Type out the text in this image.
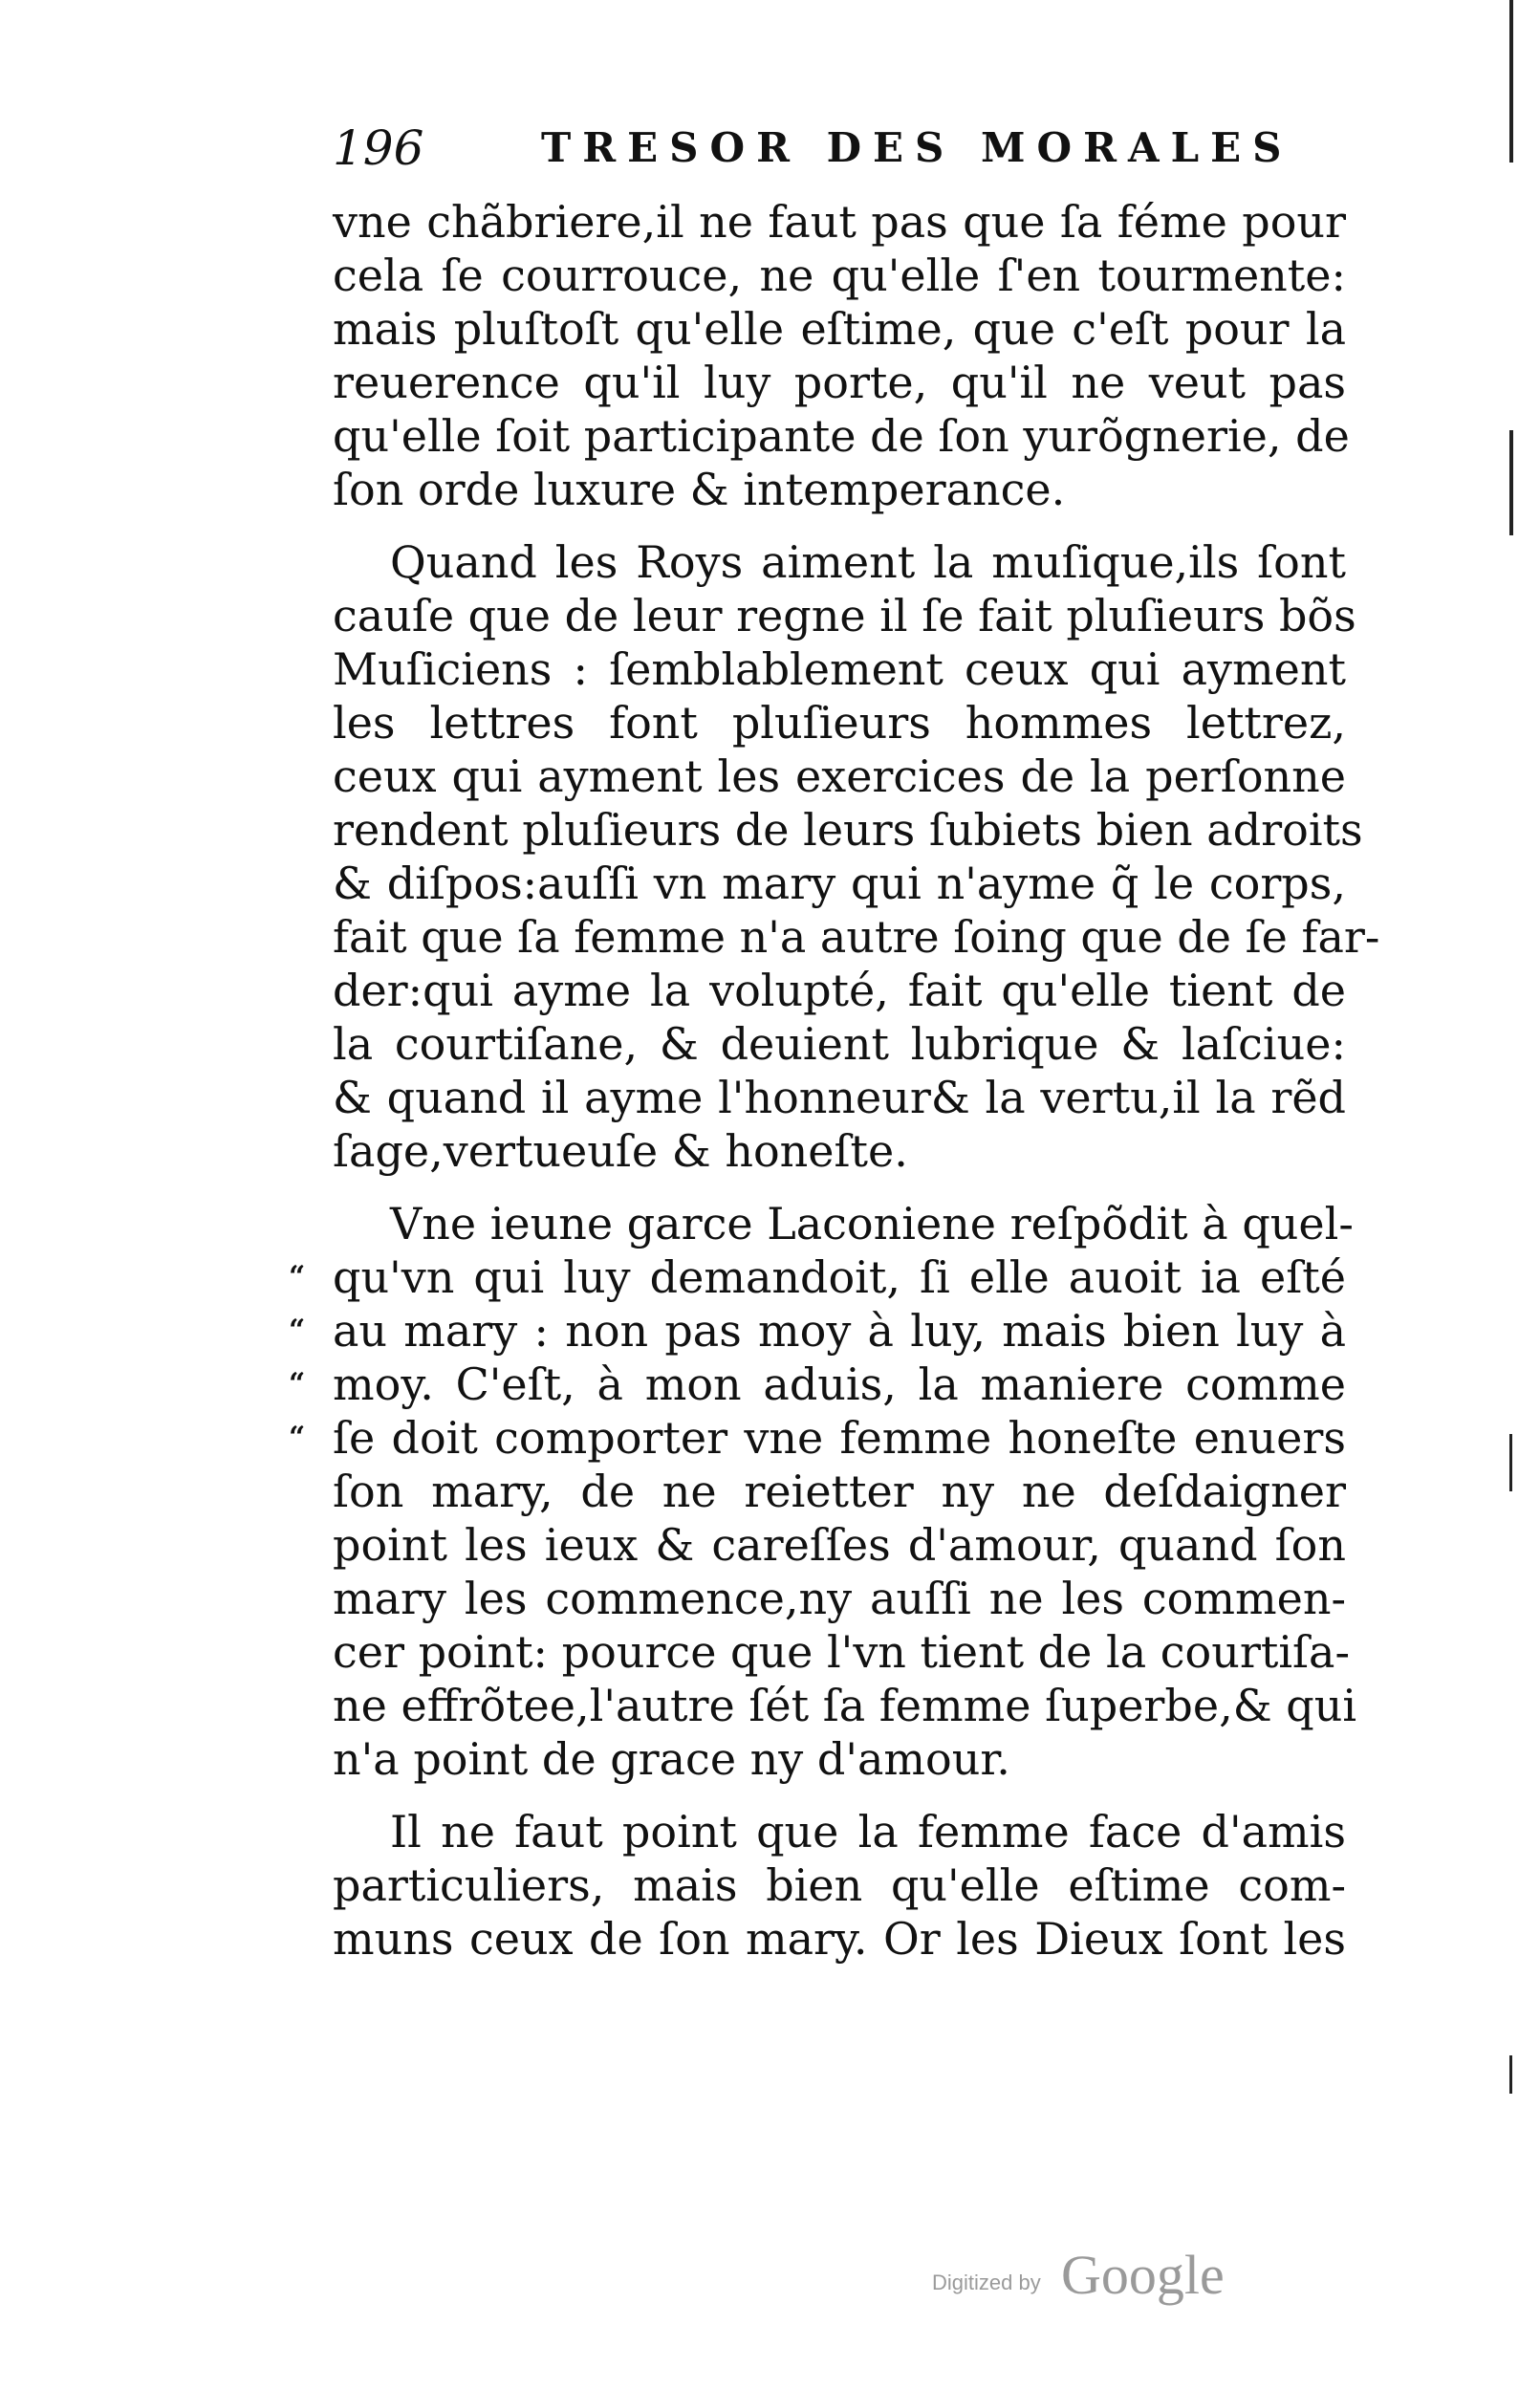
196	TRESOR DES MORALES
vne chãbriere,il ne faut pas que ſa féme pour
cela ſe courrouce, ne qu'elle ſ'en tourmente:
mais pluſtoſt qu'elle eſtime, que c'eſt pour la
reuerence qu'il luy porte, qu'il ne veut pas
qu'elle ſoit participante de ſon yurõgnerie, de
ſon orde luxure & intemperance.
Quand les Roys aiment la muſique,ils ſont
cauſe que de leur regne il ſe fait pluſieurs bõs
Muſiciens : ſemblablement ceux qui ayment
les lettres font pluſieurs hommes lettrez,
ceux qui ayment les exercices de la perſonne
rendent pluſieurs de leurs ſubiets bien adroits
& diſpos:auſſi vn mary qui n'ayme q̃ le corps,
fait que ſa femme n'a autre ſoing que de ſe far-
der:qui ayme la volupté, fait qu'elle tient de
la courtiſane, & deuient lubrique & laſciue:
& quand il ayme l'honneur& la vertu,il la rẽd
ſage,vertueuſe & honeſte.
Vne ieune garce Laconiene reſpõdit à quel-
qu'vn qui luy demandoit, ſi elle auoit ia eſté
au mary : non pas moy à luy, mais bien luy à
moy. C'eſt, à mon aduis, la maniere comme
ſe doit comporter vne femme honeſte enuers
ſon mary, de ne reietter ny ne deſdaigner
point les ieux & careſſes d'amour, quand ſon
mary les commence,ny auſſi ne les commen-
cer point: pource que l'vn tient de la courtiſa-
ne effrõtee,l'autre ſét ſa femme ſuperbe,& qui
n'a point de grace ny d'amour.
Il ne faut point que la femme face d'amis
particuliers, mais bien qu'elle eſtime com-
muns ceux de ſon mary. Or les Dieux ſont les
“
“
“
“
Digitized by Google
